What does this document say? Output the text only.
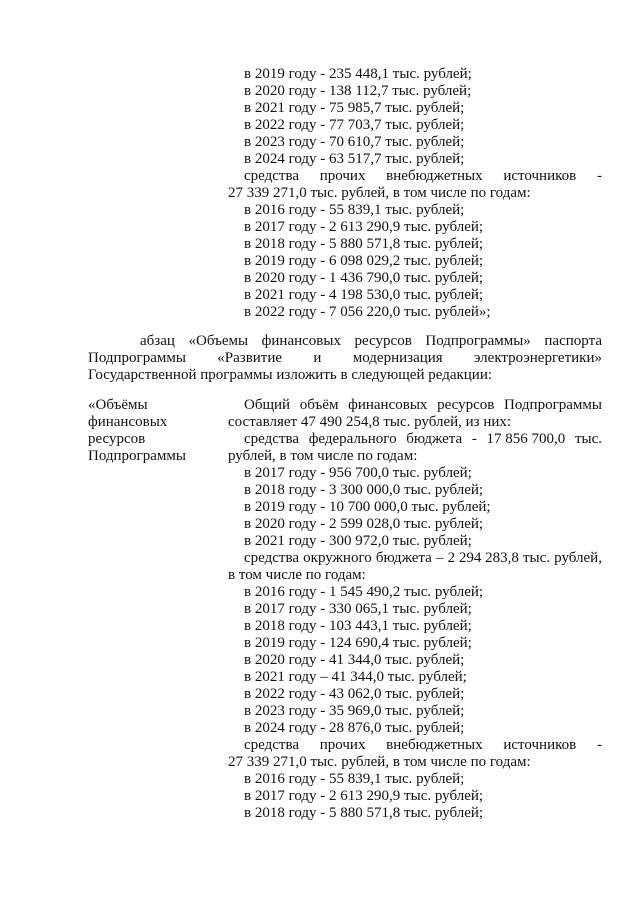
в 2019 году - 235 448,1 тыс. рублей;
в 2020 году - 138 112,7 тыс. рублей;
в 2021 году - 75 985,7 тыс. рублей;
в 2022 году - 77 703,7 тыс. рублей;
в 2023 году - 70 610,7 тыс. рублей;
в 2024 году - 63 517,7 тыс. рублей;
средства прочих внебюджетных источников -
27 339 271,0 тыс. рублей, в том числе по годам:
в 2016 году - 55 839,1 тыс. рублей;
в 2017 году - 2 613 290,9 тыс. рублей;
в 2018 году - 5 880 571,8 тыс. рублей;
в 2019 году - 6 098 029,2 тыс. рублей;
в 2020 году - 1 436 790,0 тыс. рублей;
в 2021 году - 4 198 530,0 тыс. рублей;
в 2022 году - 7 056 220,0 тыс. рублей»;
абзац «Объемы финансовых ресурсов Подпрограммы» паспорта
Подпрограммы «Развитие и модернизация электроэнергетики»
Государственной программы изложить в следующей редакции:
«Объёмы
финансовых
ресурсов
Подпрограммы
Общий объём финансовых ресурсов Подпрограммы
составляет 47 490 254,8 тыс. рублей, из них:
средства федерального бюджета - 17 856 700,0 тыс.
рублей, в том числе по годам:
в 2017 году - 956 700,0 тыс. рублей;
в 2018 году - 3 300 000,0 тыс. рублей;
в 2019 году - 10 700 000,0 тыс. рублей;
в 2020 году - 2 599 028,0 тыс. рублей;
в 2021 году - 300 972,0 тыс. рублей;
средства окружного бюджета – 2 294 283,8 тыс. рублей,
в том числе по годам:
в 2016 году - 1 545 490,2 тыс. рублей;
в 2017 году - 330 065,1 тыс. рублей;
в 2018 году - 103 443,1 тыс. рублей;
в 2019 году - 124 690,4 тыс. рублей;
в 2020 году - 41 344,0 тыс. рублей;
в 2021 году – 41 344,0 тыс. рублей;
в 2022 году - 43 062,0 тыс. рублей;
в 2023 году - 35 969,0 тыс. рублей;
в 2024 году - 28 876,0 тыс. рублей;
средства прочих внебюджетных источников -
27 339 271,0 тыс. рублей, в том числе по годам:
в 2016 году - 55 839,1 тыс. рублей;
в 2017 году - 2 613 290,9 тыс. рублей;
в 2018 году - 5 880 571,8 тыс. рублей;
